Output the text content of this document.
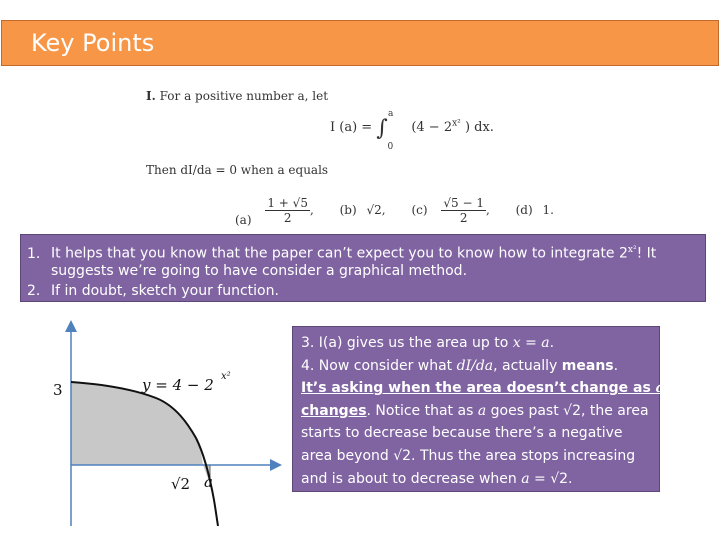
Key Points
I. For a positive number a, let
I (a) = ∫ $^a$ $_0$ ($4 - 2^{x^2}$ ) dx.
Then dI/da = 0 when a equals
$(a) \frac{1 + √5}{2}$ , (b) √2, $(c) \frac{√5 - 1}{2}$ , (d) 1.
1. It helps that you know that the paper can’t expect you to know how to integrate $2^{x^2}$! It
suggests we’re going to have consider a graphical method.
2. If in doubt, sketch your function.
3	y = 4 − 2 x²
√2 a
3. I(a) gives us the area up to x = a.
4. Now consider what dI/da, actually means.
It’s asking when the area doesn’t change as a
changes. Notice that as a goes past √2, the area
starts to decrease because there’s a negative
area beyond √2. Thus the area stops increasing
and is about to decrease when a = √2.
